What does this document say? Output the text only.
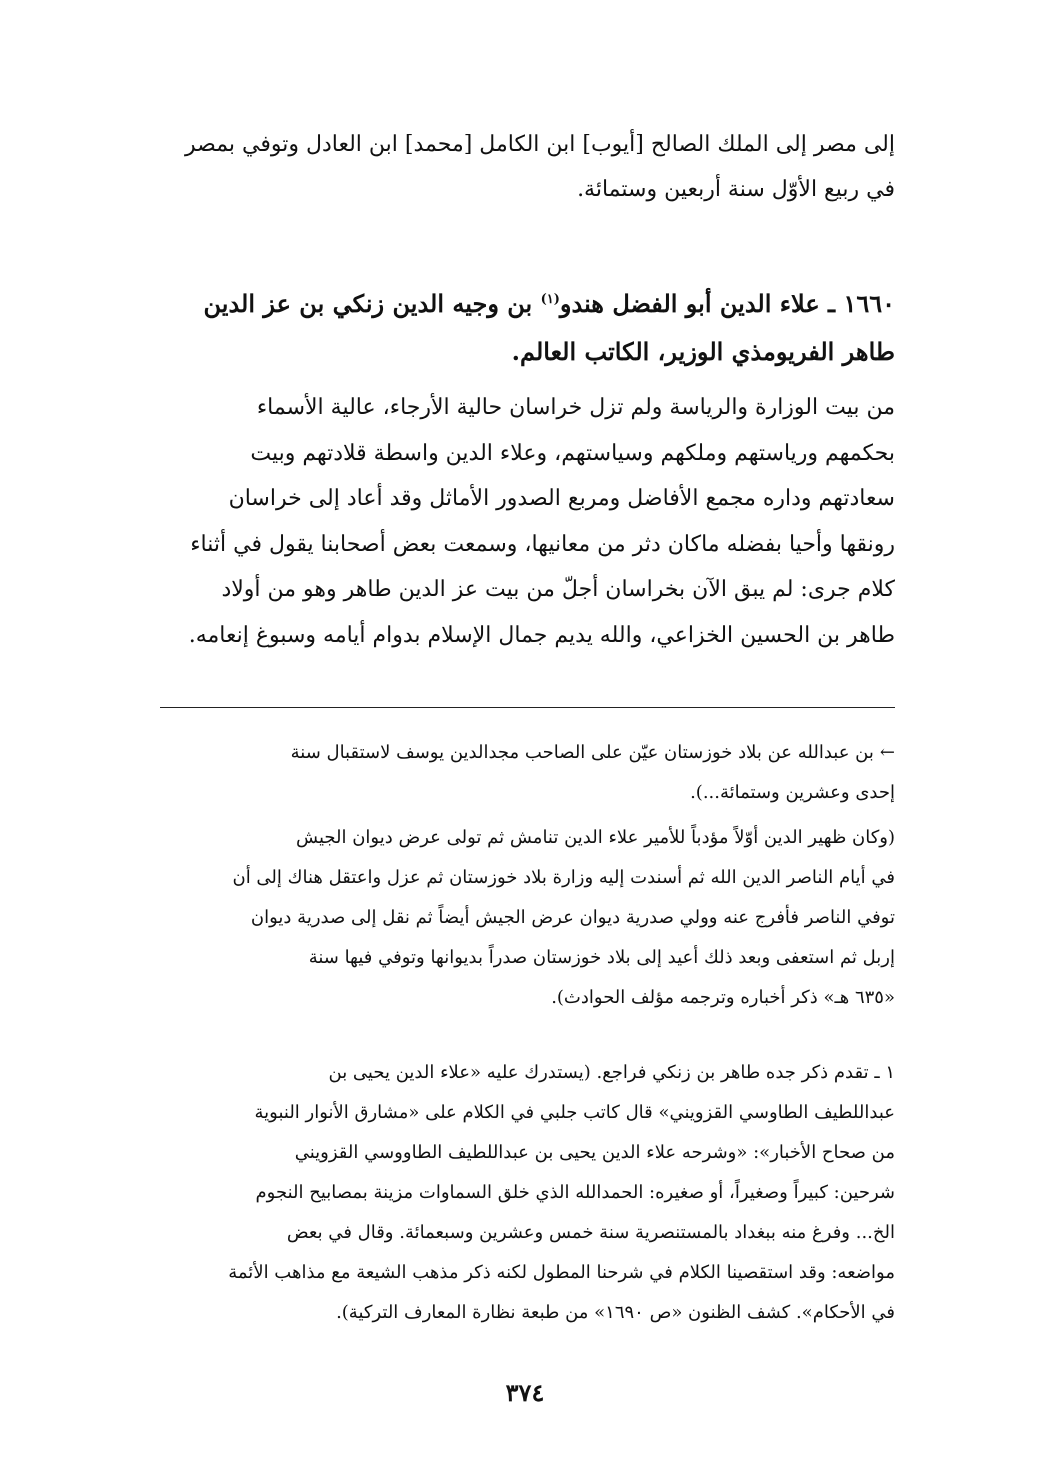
إلى مصر إلى الملك الصالح [أيوب] ابن الكامل [محمد] ابن العادل وتوفي بمصر
في ربيع الأوّل سنة أربعين وستمائة.
١٦٦٠ ـ علاء الدين أبو الفضل هندو$^{(١)}$ بن وجيه الدين زنكي بن عز الدين
طاهر الفريومذي الوزير، الكاتب العالم.
من بيت الوزارة والرياسة ولم تزل خراسان حالية الأرجاء، عالية الأسماء
بحكمهم ورياستهم وملكهم وسياستهم، وعلاء الدين واسطة قلادتهم وبيت
سعادتهم وداره مجمع الأفاضل ومربع الصدور الأماثل وقد أعاد إلى خراسان
رونقها وأحيا بفضله ماكان دثر من معانيها، وسمعت بعض أصحابنا يقول في أثناء
كلام جرى: لم يبق الآن بخراسان أجلّ من بيت عز الدين طاهر وهو من أولاد
طاهر بن الحسين الخزاعي، والله يديم جمال الإسلام بدوام أيامه وسبوغ إنعامه.
←بن عبدالله عن بلاد خوزستان عيّن على الصاحب مجدالدين يوسف لاستقبال سنة
إحدى وعشرين وستمائة...).
(وكان ظهير الدين أوّلاً مؤدباً للأمير علاء الدين تنامش ثم تولى عرض ديوان الجيش
في أيام الناصر الدين الله ثم أسندت إليه وزارة بلاد خوزستان ثم عزل واعتقل هناك إلى أن
توفي الناصر فأفرج عنه وولي صدرية ديوان عرض الجيش أيضاً ثم نقل إلى صدرية ديوان
إربل ثم استعفى وبعد ذلك أعيد إلى بلاد خوزستان صدراً بديوانها وتوفي فيها سنة
«٦٣٥ هـ» ذكر أخباره وترجمه مؤلف الحوادث).
١ ـ تقدم ذكر جده طاهر بن زنكي فراجع. (يستدرك عليه «علاء الدين يحيى بن
عبداللطيف الطاوسي القزويني» قال كاتب جلبي في الكلام على «مشارق الأنوار النبوية
من صحاح الأخبار»: «وشرحه علاء الدين يحيى بن عبداللطيف الطاووسي القزويني
شرحين: كبيراً وصغيراً، أو صغيره: الحمدالله الذي خلق السماوات مزينة بمصابيح النجوم
الخ... وفرغ منه ببغداد بالمستنصرية سنة خمس وعشرين وسبعمائة. وقال في بعض
مواضعه: وقد استقصينا الكلام في شرحنا المطول لكنه ذكر مذهب الشيعة مع مذاهب الأئمة
في الأحكام». كشف الظنون «ص ١٦٩٠» من طبعة نظارة المعارف التركية).
٣٧٤
